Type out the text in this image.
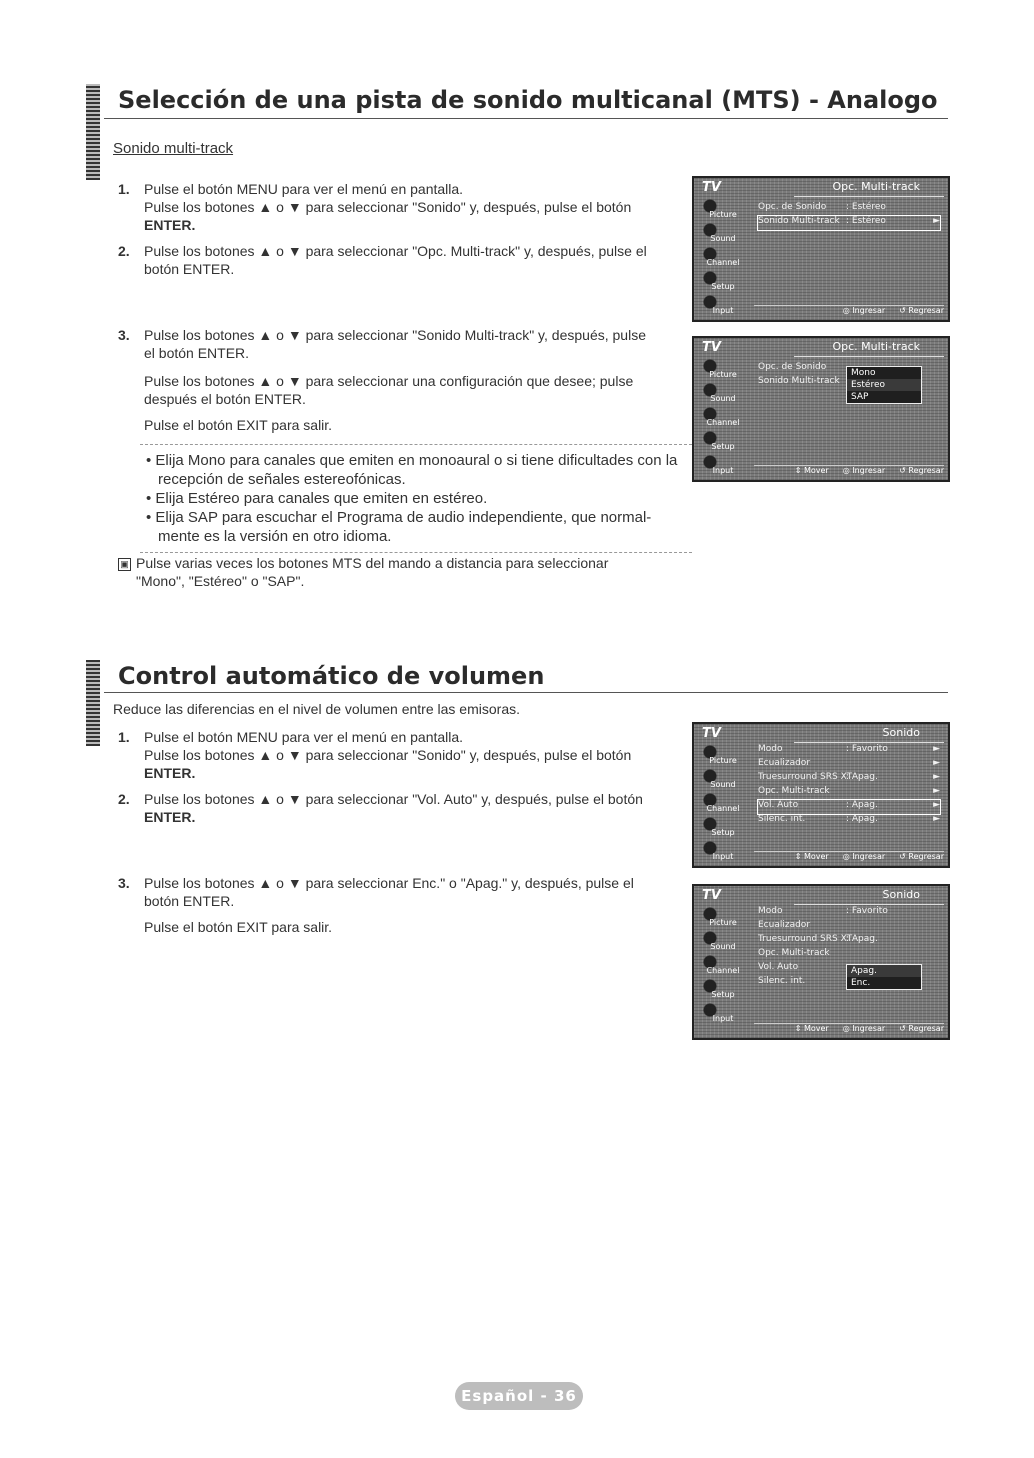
Selección de una pista de sonido multicanal (MTS) - Analogo
Sonido multi-track
1. Pulse el botón MENU para ver el menú en pantalla.

Pulse los botones ▲ o ▼ para seleccionar "Sonido" y, después, pulse el botón

ENTER.

2. Pulse los botones ▲ o ▼ para seleccionar "Opc. Multi-track" y, después, pulse el

botón ENTER.

3. Pulse los botones ▲ o ▼ para seleccionar "Sonido Multi-track" y, después, pulse

el botón ENTER.

Pulse los botones ▲ o ▼ para seleccionar una configuración que desee; pulse

después el botón ENTER.

Pulse el botón EXIT para salir.

• Elija Mono para canales que emiten en monoaural o si tiene dificultades con la

recepción de señales estereofónicas.

• Elija Estéreo para canales que emiten en estéreo.

• Elija SAP para escuchar el Programa de audio independiente, que normal-

mente es la versión en otro idioma.

▣ Pulse varias veces los botones MTS del mando a distancia para seleccionar

"Mono", "Estéreo" o "SAP".

TV	Opc. Multi-track
Picture
Sound
Channel
Setup
Input
Opc. de Sonido	: Estéreo
Sonido Multi-track : Estéreo	►
◎ Ingresar ↺ Regresar
TV	Opc. Multi-track
Picture
Sound
Channel
Setup
Input
Opc. de Sonido
Sonido Multi-track
Mono
Estéreo
SAP
⇕ Mover ◎ Ingresar ↺ Regresar
Control automático de volumen

Reduce las diferencias en el nivel de volumen entre las emisoras.

1. Pulse el botón MENU para ver el menú en pantalla.

Pulse los botones ▲ o ▼ para seleccionar "Sonido" y, después, pulse el botón

ENTER.

2. Pulse los botones ▲ o ▼ para seleccionar "Vol. Auto" y, después, pulse el botón

ENTER.

3. Pulse los botones ▲ o ▼ para seleccionar Enc." o "Apag." y, después, pulse el

botón ENTER.

Pulse el botón EXIT para salir.

TV	Sonido
Picture
Sound
Channel
Setup
Input
Modo	: Favorito	►
Ecualizador	►
Truesurround SRS XT
: Apag.	►
Opc. Multi-track	►
Vol. Auto	: Apag.	►
Silenc. int.	: Apag.	►
⇕ Mover ◎ Ingresar ↺ Regresar
TV	Sonido
Picture
Sound
Channel
Setup
Input
Modo	: Favorito
Ecualizador
Truesurround SRS XT
: Apag.
Opc. Multi-track
Vol. Auto
Silenc. int.
Apag.
Enc.
⇕ Mover ◎ Ingresar ↺ Regresar
Español - 36
